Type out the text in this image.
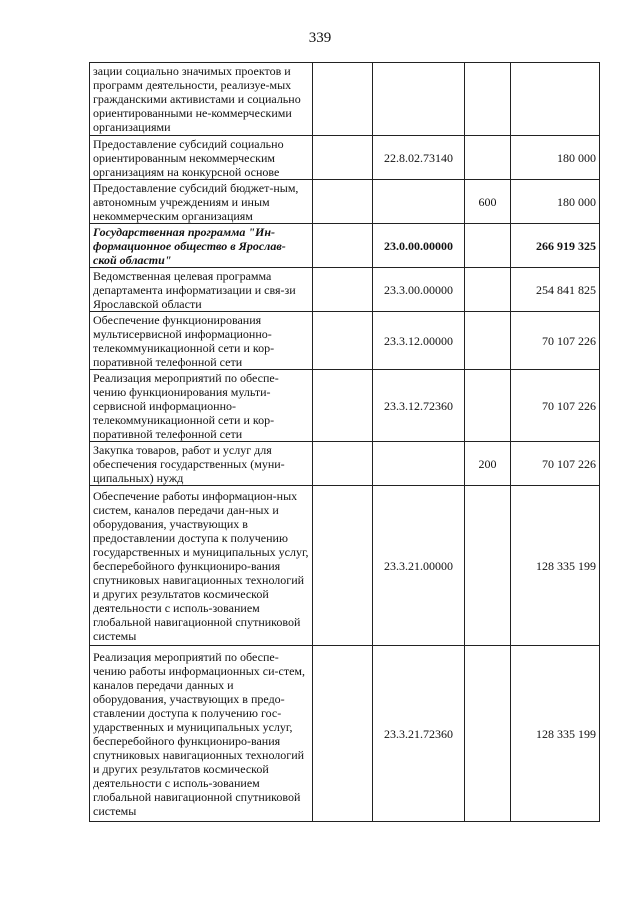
339
зации социально значимых проектов и программ деятельности, реализуе-мых гражданскими активистами и социально ориентированными не-коммерческими организациями				
Предоставление субсидий социально ориентированным некоммерческим организациям на конкурсной основе		22.8.02.73140		180 000
Предоставление субсидий бюджет-ным, автономным учреждениям и иным некоммерческим организациям			600	180 000
Государственная программа "Ин-формационное общество в Ярослав-ской области"		23.0.00.00000		266 919 325
Ведомственная целевая программа департамента информатизации и свя-зи Ярославской области		23.3.00.00000		254 841 825
Обеспечение функционирования мультисервисной информационно-телекоммуникационной сети и кор-поративной телефонной сети		23.3.12.00000		70 107 226
Реализация мероприятий по обеспе-чению функционирования мульти-сервисной информационно-телекоммуникационной сети и кор-поративной телефонной сети		23.3.12.72360		70 107 226
Закупка товаров, работ и услуг для обеспечения государственных (муни-ципальных) нужд			200	70 107 226
Обеспечение работы информацион-ных систем, каналов передачи дан-ных и оборудования, участвующих в предоставлении доступа к получению государственных и муниципальных услуг, бесперебойного функциониро-вания спутниковых навигационных технологий и других результатов космической деятельности с исполь-зованием глобальной навигационной спутниковой системы		23.3.21.00000		128 335 199
Реализация мероприятий по обеспе-чению работы информационных си-стем, каналов передачи данных и оборудования, участвующих в предо-ставлении доступа к получению гос-ударственных и муниципальных услуг, бесперебойного функциониро-вания спутниковых навигационных технологий и других результатов космической деятельности с исполь-зованием глобальной навигационной спутниковой системы		23.3.21.72360		128 335 199
